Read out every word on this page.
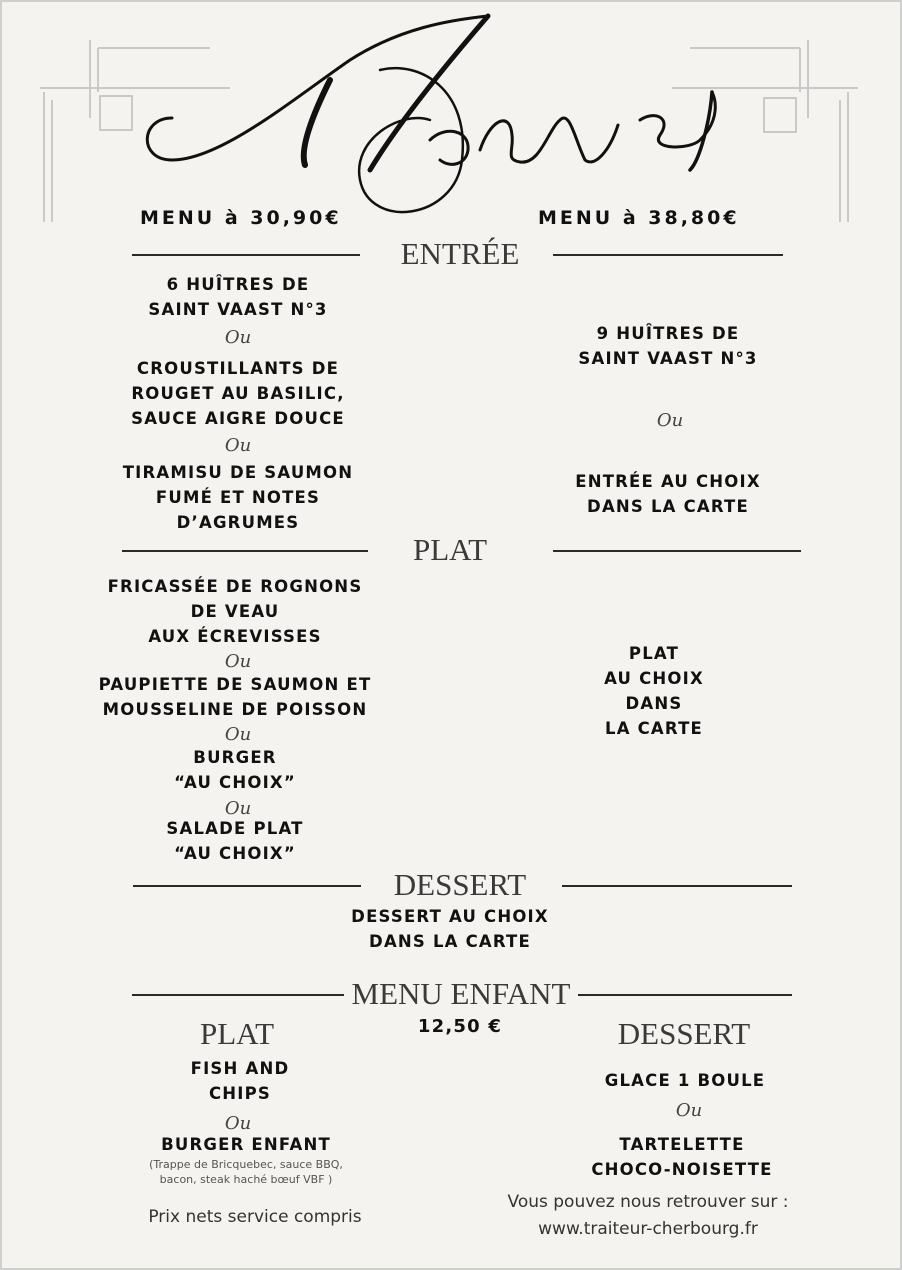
MENU à 30,90€	MENU à 38,80€
ENTRÉE
6 HUÎTRES DE
SAINT VAAST N°3
Ou
CROUSTILLANTS DE
ROUGET AU BASILIC,
SAUCE AIGRE DOUCE
Ou
TIRAMISU DE SAUMON
FUMÉ ET NOTES
D’AGRUMES
9 HUÎTRES DE
SAINT VAAST N°3
Ou
ENTRÉE AU CHOIX
DANS LA CARTE
PLAT
FRICASSÉE DE ROGNONS
DE VEAU
AUX ÉCREVISSES
Ou
PAUPIETTE DE SAUMON ET
MOUSSELINE DE POISSON
Ou
BURGER
“AU CHOIX”
Ou
SALADE PLAT
“AU CHOIX”
PLAT
AU CHOIX
DANS
LA CARTE
DESSERT
DESSERT AU CHOIX
DANS LA CARTE
MENU ENFANT
12,50 €
PLAT
FISH AND
CHIPS
Ou
BURGER ENFANT
(Trappe de Bricquebec, sauce BBQ,
bacon, steak haché bœuf VBF )
DESSERT
GLACE 1 BOULE
Ou
TARTELETTE
CHOCO-NOISETTE
Prix nets service compris
Vous pouvez nous retrouver sur :
www.traiteur-cherbourg.fr
